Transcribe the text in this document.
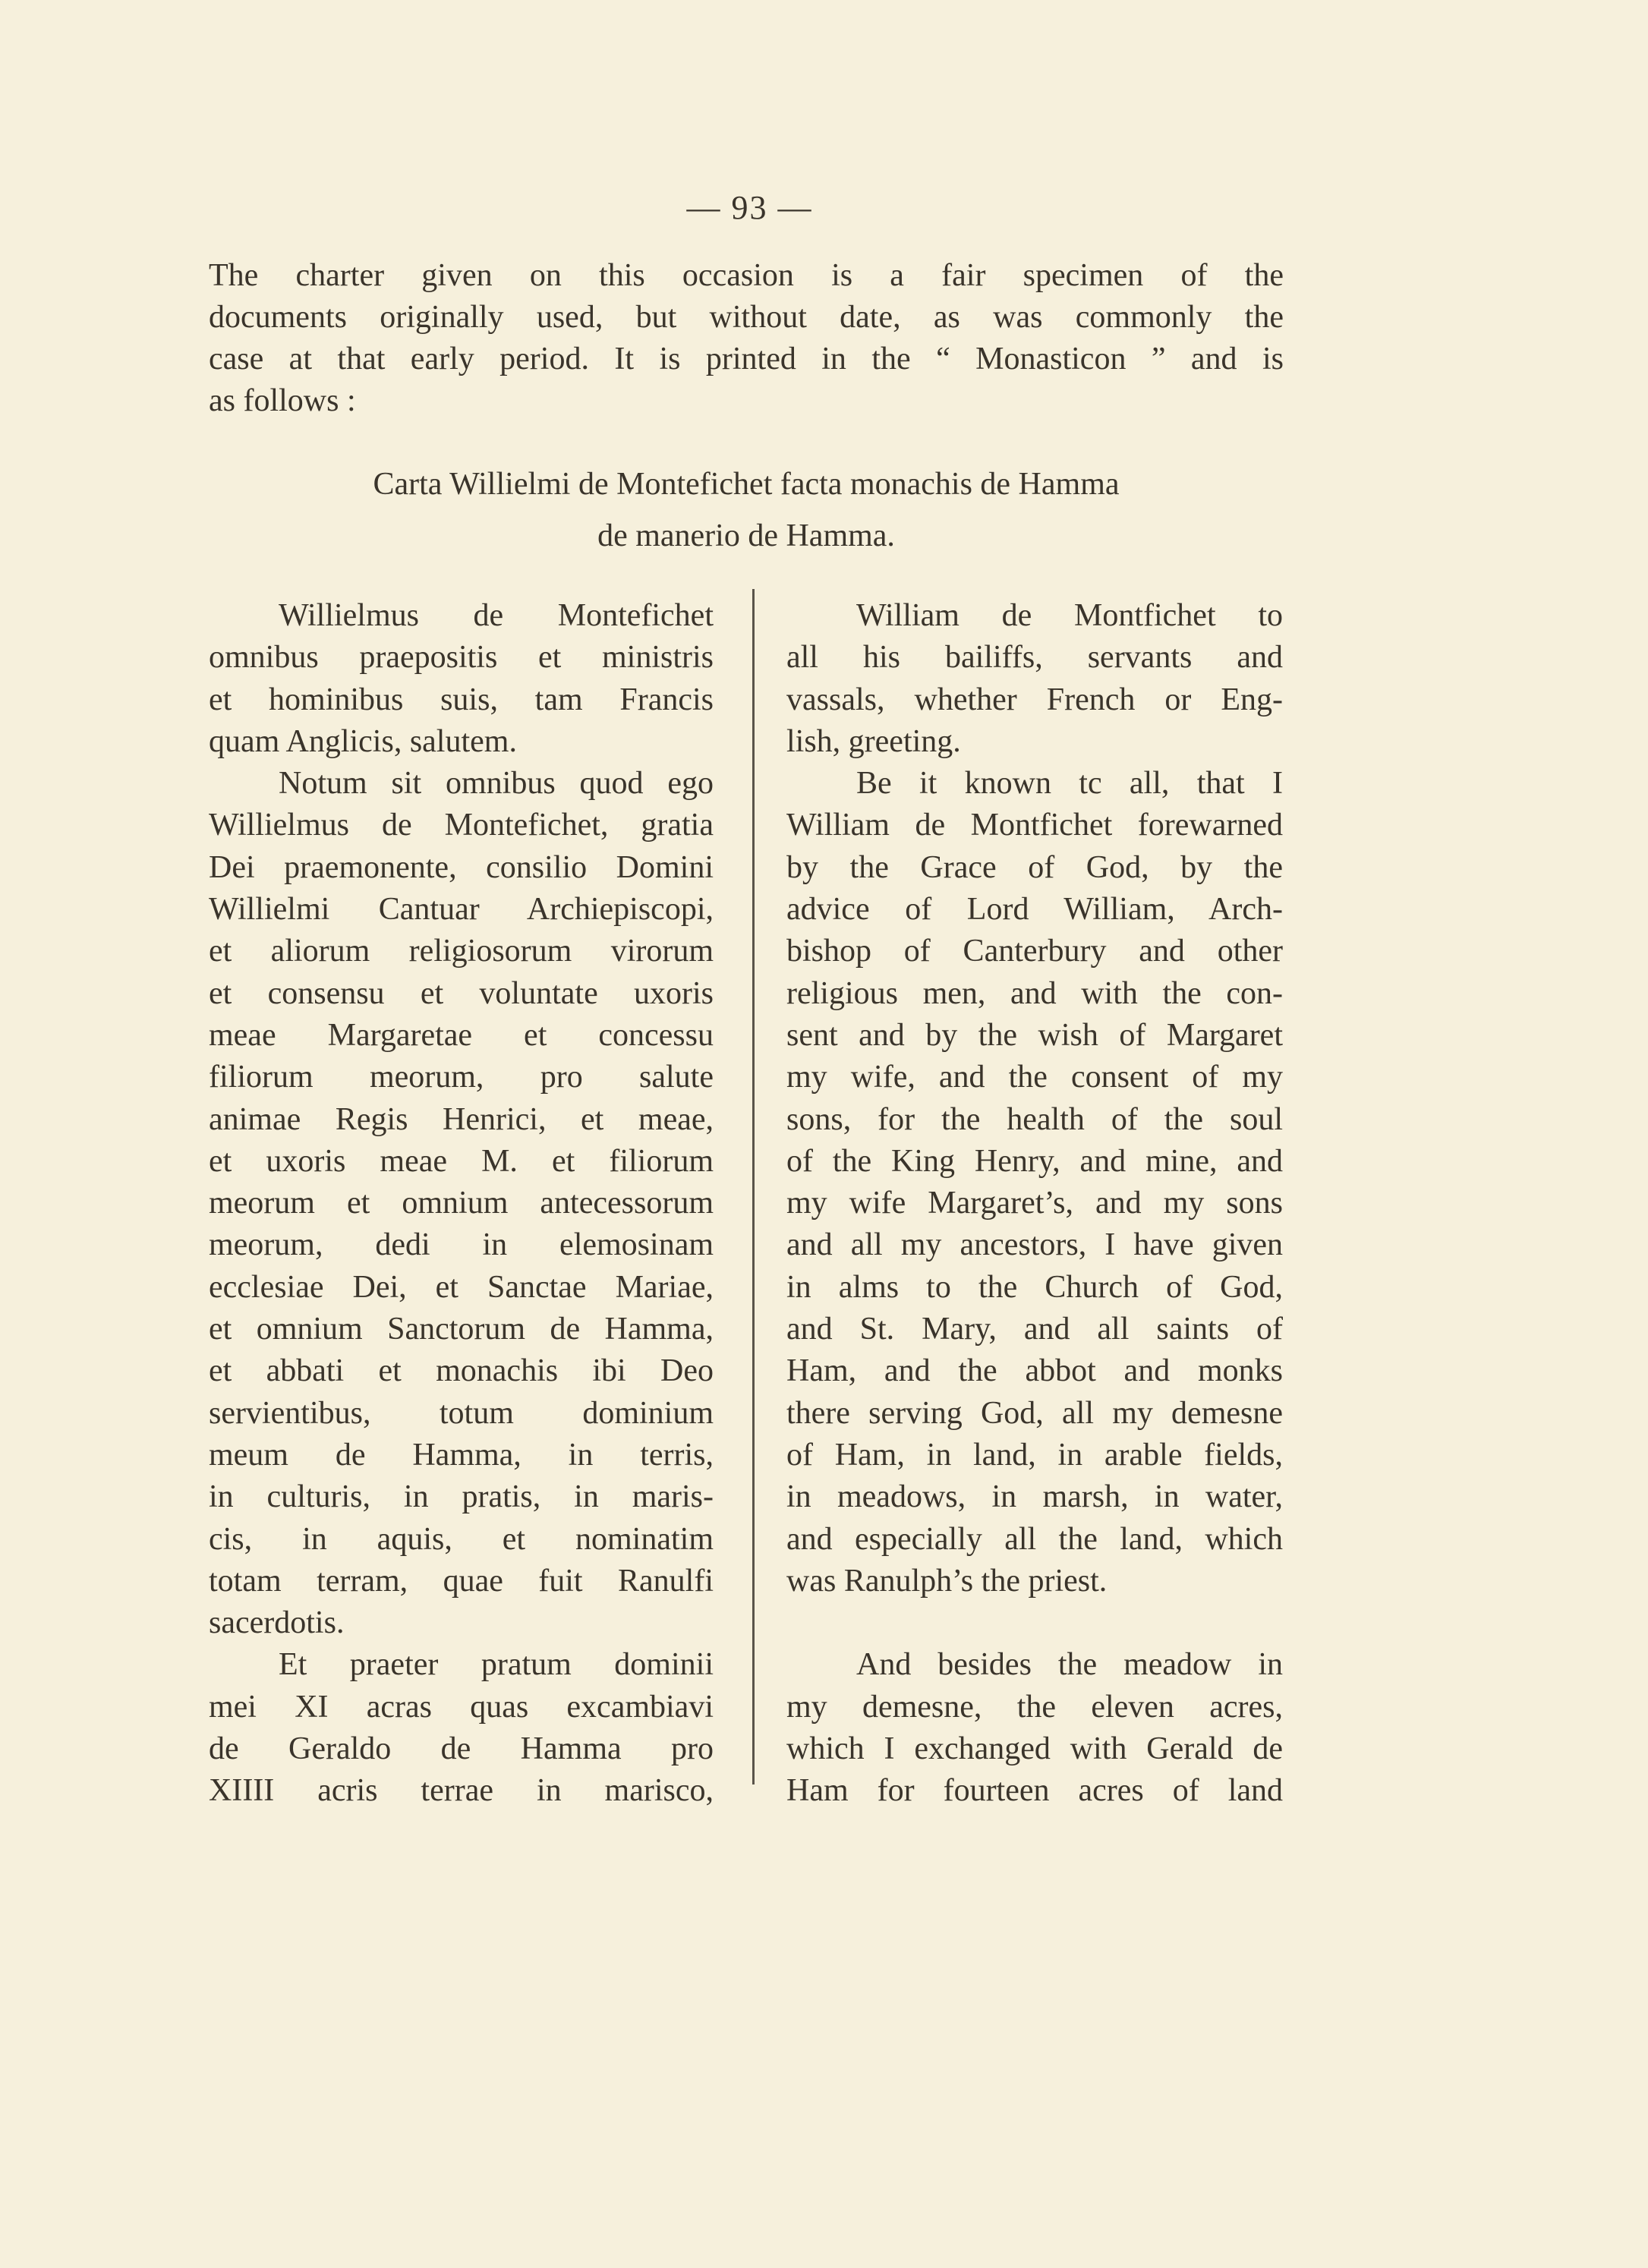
— 93 —
The charter given on this occasion is a fair specimen of the
documents originally used, but without date, as was commonly the
case at that early period. It is printed in the “ Monasticon ” and is
as follows :
Carta Willielmi de Montefichet facta monachis de Hamma
de manerio de Hamma.
Willielmus de Montefichet
omnibus praepositis et ministris
et hominibus suis, tam Francis
quam Anglicis, salutem.
Notum sit omnibus quod ego
Willielmus de Montefichet, gratia
Dei praemonente, consilio Domini
Willielmi Cantuar Archiepiscopi,
et aliorum religiosorum virorum
et consensu et voluntate uxoris
meae Margaretae et concessu
filiorum meorum, pro salute
animae Regis Henrici, et meae,
et uxoris meae M. et filiorum
meorum et omnium antecessorum
meorum, dedi in elemosinam
ecclesiae Dei, et Sanctae Mariae,
et omnium Sanctorum de Hamma,
et abbati et monachis ibi Deo
servientibus, totum dominium
meum de Hamma, in terris,
in culturis, in pratis, in maris-
cis, in aquis, et nominatim
totam terram, quae fuit Ranulfi
sacerdotis.
Et praeter pratum dominii
mei XI acras quas excambiavi
de Geraldo de Hamma pro
XIIII acris terrae in marisco,
William de Montfichet to
all his bailiffs, servants and
vassals, whether French or Eng-
lish, greeting.
Be it known tc all, that I
William de Montfichet forewarned
by the Grace of God, by the
advice of Lord William, Arch-
bishop of Canterbury and other
religious men, and with the con-
sent and by the wish of Margaret
my wife, and the consent of my
sons, for the health of the soul
of the King Henry, and mine, and
my wife Margaret’s, and my sons
and all my ancestors, I have given
in alms to the Church of God,
and St. Mary, and all saints of
Ham, and the abbot and monks
there serving God, all my demesne
of Ham, in land, in arable fields,
in meadows, in marsh, in water,
and especially all the land, which
was Ranulph’s the priest.
And besides the meadow in
my demesne, the eleven acres,
which I exchanged with Gerald de
Ham for fourteen acres of land
